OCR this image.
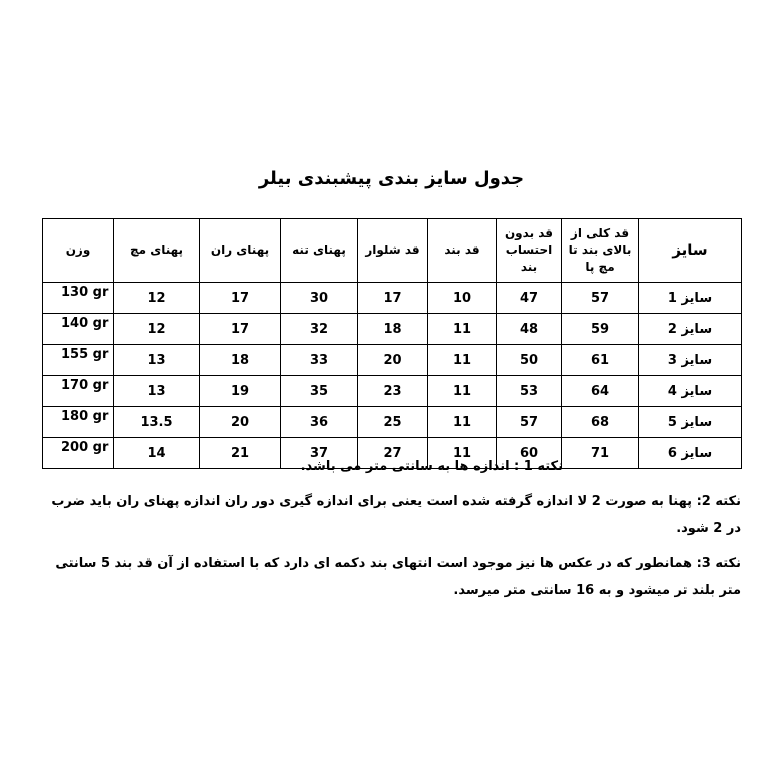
جدول سایز بندی پیشبندی بیلر
سایز	قد کلی از بالای بند تا مچ پا	قد بدون احتساب بند	قد بند	قد شلوار	پهنای تنه	پهنای ران	پهنای مچ	وزن
سایز 1	57	47	10	17	30	17	12	130 gr
سایز 2	59	48	11	18	32	17	12	140 gr
سایز 3	61	50	11	20	33	18	13	155 gr
سایز 4	64	53	11	23	35	19	13	170 gr
سایز 5	68	57	11	25	36	20	13.5	180 gr
سایز 6	71	60	11	27	37	21	14	200 gr

نکته 1 : اندازه ها به سانتی متر می باشد.

نکته 2: پهنا به صورت 2 لا اندازه گرفته شده است یعنی برای اندازه گیری دور ران اندازه پهنای ران باید ضرب در 2 شود.

نکته 3: همانطور که در عکس ها نیز موجود است انتهای بند دکمه ای دارد که با استفاده از آن قد بند 5 سانتی متر بلند تر میشود و به 16 سانتی متر میرسد.
